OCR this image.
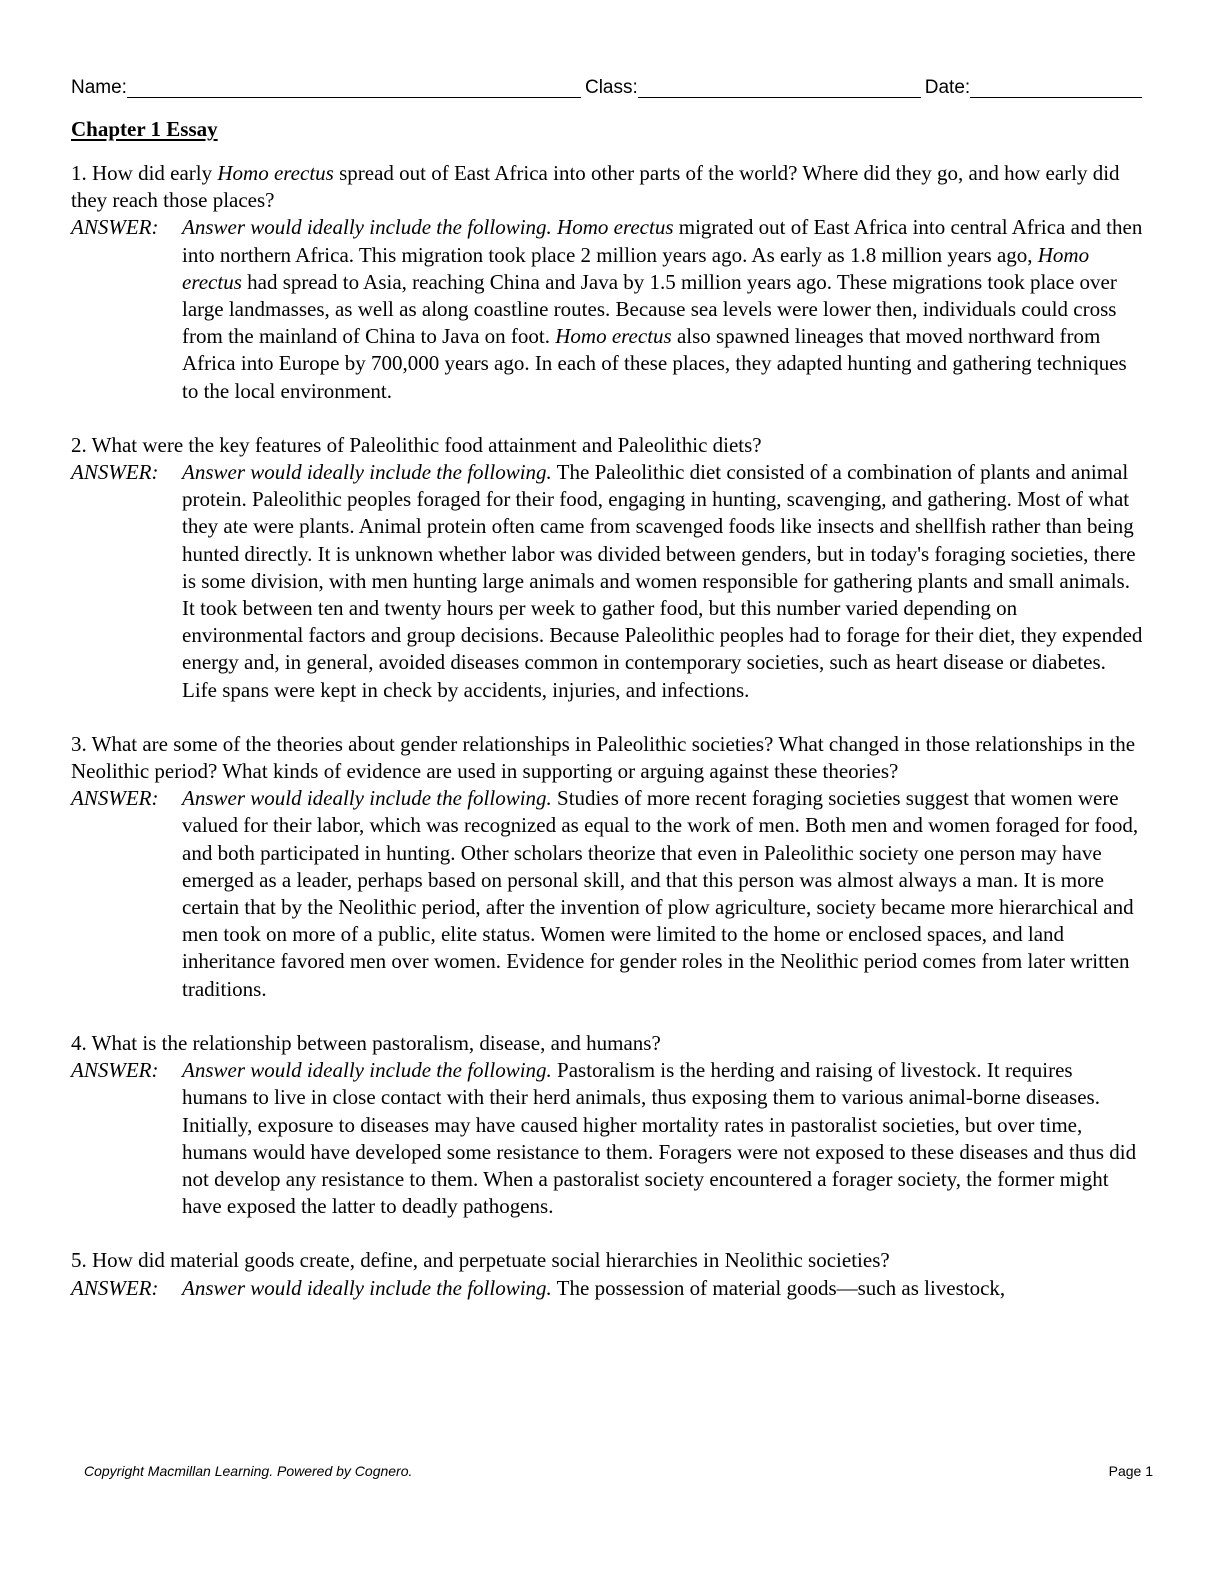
Name:	Class:	Date:
Chapter 1 Essay

1. How did early Homo erectus spread out of East Africa into other parts of the world? Where did they go, and how early did they reach those places?

ANSWER: Answer would ideally include the following. Homo erectus migrated out of East Africa into central Africa and then into northern Africa. This migration took place 2 million years ago. As early as 1.8 million years ago, Homo erectus had spread to Asia, reaching China and Java by 1.5 million years ago. These migrations took place over large landmasses, as well as along coastline routes. Because sea levels were lower then, individuals could cross from the mainland of China to Java on foot. Homo erectus also spawned lineages that moved northward from Africa into Europe by 700,000 years ago. In each of these places, they adapted hunting and gathering techniques to the local environment.

2. What were the key features of Paleolithic food attainment and Paleolithic diets?

ANSWER: Answer would ideally include the following. The Paleolithic diet consisted of a combination of plants and animal protein. Paleolithic peoples foraged for their food, engaging in hunting, scavenging, and gathering. Most of what they ate were plants. Animal protein often came from scavenged foods like insects and shellfish rather than being hunted directly. It is unknown whether labor was divided between genders, but in today's foraging societies, there is some division, with men hunting large animals and women responsible for gathering plants and small animals. It took between ten and twenty hours per week to gather food, but this number varied depending on environmental factors and group decisions. Because Paleolithic peoples had to forage for their diet, they expended energy and, in general, avoided diseases common in contemporary societies, such as heart disease or diabetes. Life spans were kept in check by accidents, injuries, and infections.

3. What are some of the theories about gender relationships in Paleolithic societies? What changed in those relationships in the Neolithic period? What kinds of evidence are used in supporting or arguing against these theories?

ANSWER: Answer would ideally include the following. Studies of more recent foraging societies suggest that women were valued for their labor, which was recognized as equal to the work of men. Both men and women foraged for food, and both participated in hunting. Other scholars theorize that even in Paleolithic society one person may have emerged as a leader, perhaps based on personal skill, and that this person was almost always a man. It is more certain that by the Neolithic period, after the invention of plow agriculture, society became more hierarchical and men took on more of a public, elite status. Women were limited to the home or enclosed spaces, and land inheritance favored men over women. Evidence for gender roles in the Neolithic period comes from later written traditions.

4. What is the relationship between pastoralism, disease, and humans?

ANSWER: Answer would ideally include the following. Pastoralism is the herding and raising of livestock. It requires humans to live in close contact with their herd animals, thus exposing them to various animal-borne diseases. Initially, exposure to diseases may have caused higher mortality rates in pastoralist societies, but over time, humans would have developed some resistance to them. Foragers were not exposed to these diseases and thus did not develop any resistance to them. When a pastoralist society encountered a forager society, the former might have exposed the latter to deadly pathogens.

5. How did material goods create, define, and perpetuate social hierarchies in Neolithic societies?

ANSWER: Answer would ideally include the following. The possession of material goods—such as livestock,

Copyright Macmillan Learning. Powered by Cognero.	Page 1
